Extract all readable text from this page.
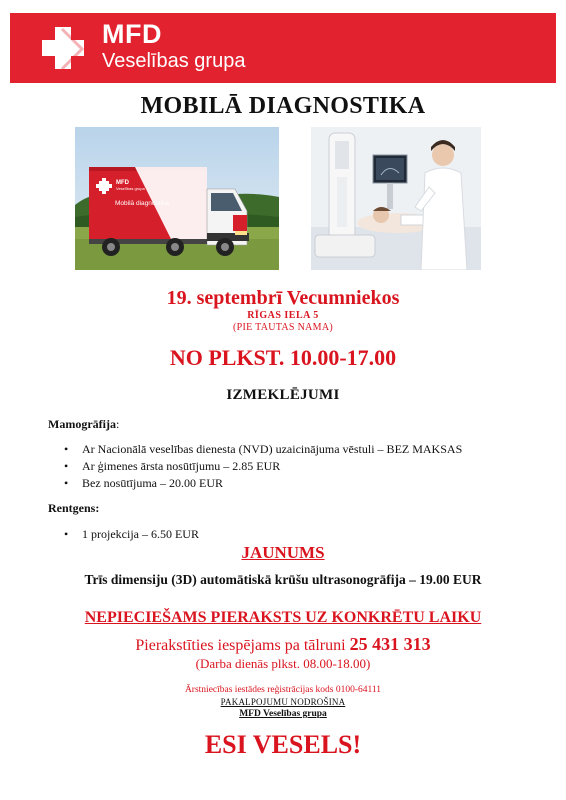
MFD
Veselības grupa
MOBILĀ DIAGNOSTIKA
MFD
Veselības grupa
Mobilā diagnostika
19. septembrī Vecumniekos
RĪGAS IELA 5
(PIE TAUTAS NAMA)
NO PLKST. 10.00-17.00
IZMEKLĒJUMI
Mamogrāfija:
• Ar Nacionālā veselības dienesta (NVD) uzaicinājuma vēstuli – BEZ MAKSAS
• Ar ģimenes ārsta nosūtījumu – 2.85 EUR
• Bez nosūtījuma – 20.00 EUR
Rentgens:
• 1 projekcija – 6.50 EUR
JAUNUMS
Trīs dimensiju (3D) automātiskā krūšu ultrasonogrāfija – 19.00 EUR
NEPIECIEŠAMS PIERAKSTS UZ KONKRĒTU LAIKU
Pierakstīties iespējams pa tālruni 25 431 313
(Darba dienās plkst. 08.00-18.00)
Ārstniecības iestādes reģistrācijas kods 0100-64111
PAKALPOJUMU NODROŠINA
MFD Veselības grupa
ESI VESELS!
